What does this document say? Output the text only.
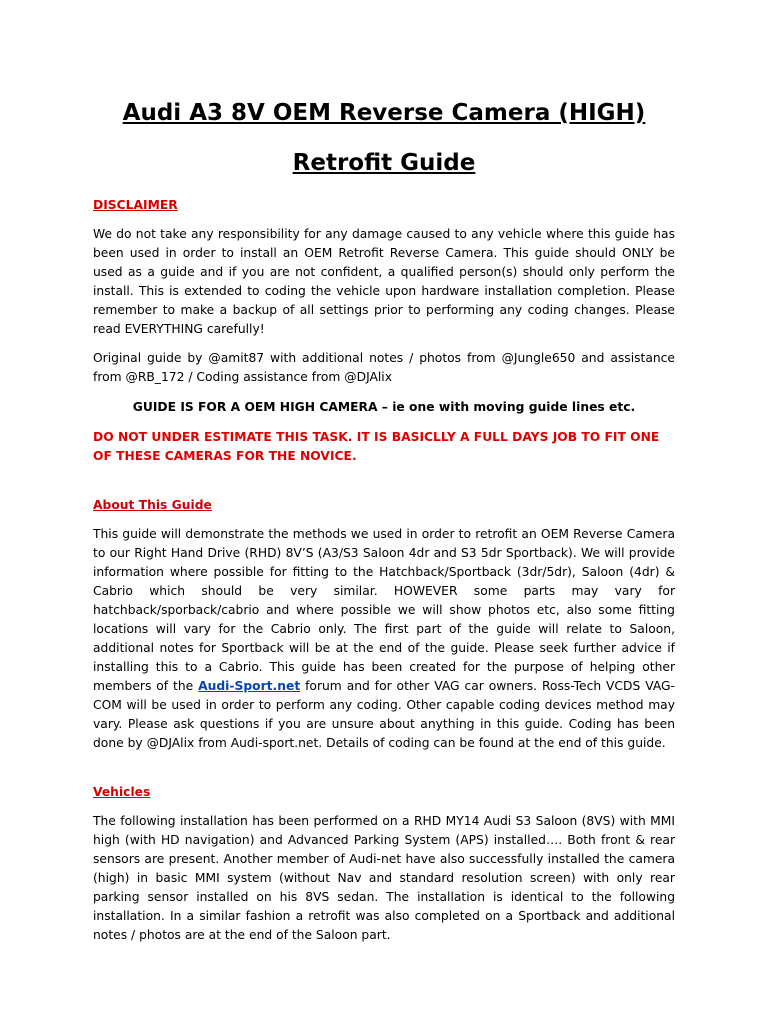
Audi A3 8V OEM Reverse Camera (HIGH)
Retrofit Guide

DISCLAIMER

We do not take any responsibility for any damage caused to any vehicle where this guide has been used in order to install an OEM Retrofit Reverse Camera. This guide should ONLY be used as a guide and if you are not confident, a qualified person(s) should only perform the install. This is extended to coding the vehicle upon hardware installation completion. Please remember to make a backup of all settings prior to performing any coding changes. Please read EVERYTHING carefully!

Original guide by @amit87 with additional notes / photos from @Jungle650 and assistance from @RB_172 / Coding assistance from @DJAlix

GUIDE IS FOR A OEM HIGH CAMERA – ie one with moving guide lines etc.

DO NOT UNDER ESTIMATE THIS TASK. IT IS BASICLLY A FULL DAYS JOB TO FIT ONE OF THESE CAMERAS FOR THE NOVICE.

About This Guide

This guide will demonstrate the methods we used in order to retrofit an OEM Reverse Camera to our Right Hand Drive (RHD) 8V’S (A3/S3 Saloon 4dr and S3 5dr Sportback). We will provide information where possible for fitting to the Hatchback/Sportback (3dr/5dr), Saloon (4dr) & Cabrio which should be very similar. HOWEVER some parts may vary for hatchback/sporback/cabrio and where possible we will show photos etc, also some fitting locations will vary for the Cabrio only. The first part of the guide will relate to Saloon, additional notes for Sportback will be at the end of the guide. Please seek further advice if installing this to a Cabrio. This guide has been created for the purpose of helping other members of the Audi-Sport.net forum and for other VAG car owners. Ross-Tech VCDS VAG-COM will be used in order to perform any coding. Other capable coding devices method may vary. Please ask questions if you are unsure about anything in this guide. Coding has been done by @DJAlix from Audi-sport.net. Details of coding can be found at the end of this guide.

Vehicles

The following installation has been performed on a RHD MY14 Audi S3 Saloon (8VS) with MMI high (with HD navigation) and Advanced Parking System (APS) installed…. Both front & rear sensors are present. Another member of Audi-net have also successfully installed the camera (high) in basic MMI system (without Nav and standard resolution screen) with only rear parking sensor installed on his 8VS sedan. The installation is identical to the following installation. In a similar fashion a retrofit was also completed on a Sportback and additional notes / photos are at the end of the Saloon part.
